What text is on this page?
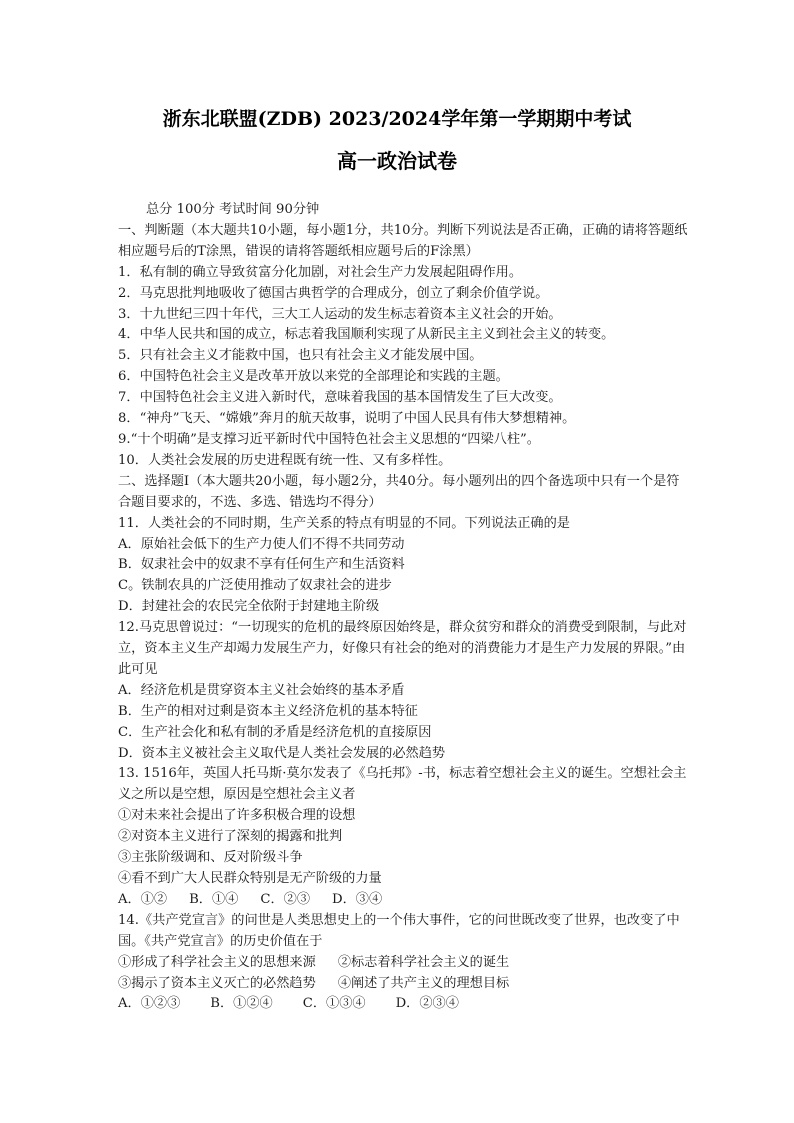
浙东北联盟(ZDB) 2023/2024学年第一学期期中考试
高一政治试卷

总分 100分 考试时间 90分钟

一、判断题（本大题共10小题，每小题1分，共10分。判断下列说法是否正确，正确的请将答题纸相应题号后的T涂黑，错误的请将答题纸相应题号后的F涂黑）

1．私有制的确立导致贫富分化加剧，对社会生产力发展起阻碍作用。

2．马克思批判地吸收了德国古典哲学的合理成分，创立了剩余价值学说。

3．十九世纪三四十年代，三大工人运动的发生标志着资本主义社会的开始。

4．中华人民共和国的成立，标志着我国顺利实现了从新民主主义到社会主义的转变。

5．只有社会主义才能救中国，也只有社会主义才能发展中国。

6．中国特色社会主义是改革开放以来党的全部理论和实践的主题。

7．中国特色社会主义进入新时代，意味着我国的基本国情发生了巨大改变。

8．“神舟”飞天、“嫦娥”奔月的航天故事，说明了中国人民具有伟大梦想精神。

9.“十个明确”是支撑习近平新时代中国特色社会主义思想的“四梁八柱”。

10．人类社会发展的历史进程既有统一性、又有多样性。

二、选择题Ⅰ（本大题共20小题，每小题2分，共40分。每小题列出的四个备选项中只有一个是符合题目要求的，不选、多选、错选均不得分）

11．人类社会的不同时期，生产关系的特点有明显的不同。下列说法正确的是

A．原始社会低下的生产力使人们不得不共同劳动

B．奴隶社会中的奴隶不享有任何生产和生活资料

C。铁制农具的广泛使用推动了奴隶社会的进步

D．封建社会的农民完全依附于封建地主阶级

12.马克思曾说过：“一切现实的危机的最终原因始终是，群众贫穷和群众的消费受到限制，与此对立，资本主义生产却竭力发展生产力，好像只有社会的绝对的消费能力才是生产力发展的界限。”由此可见

A．经济危机是贯穿资本主义社会始终的基本矛盾

B．生产的相对过剩是资本主义经济危机的基本特征

C．生产社会化和私有制的矛盾是经济危机的直接原因

D．资本主义被社会主义取代是人类社会发展的必然趋势

13. 1516年，英国人托马斯·莫尔发表了《乌托邦》-书，标志着空想社会主义的诞生。空想社会主义之所以是空想，原因是空想社会主义者

①对未来社会提出了许多积极合理的设想

②对资本主义进行了深刻的揭露和批判

③主张阶级调和、反对阶级斗争

④看不到广大人民群众特别是无产阶级的力量

A．①② B．①④ C．②③ D．③④

14.《共产党宣言》的问世是人类思想史上的一个伟大事件，它的问世既改变了世界，也改变了中国。《共产党宣言》的历史价值在于

①形成了科学社会主义的思想来源 ②标志着科学社会主义的诞生

③揭示了资本主义灭亡的必然趋势 ④阐述了共产主义的理想目标

A．①②③ B．①②④ C．①③④ D．②③④
